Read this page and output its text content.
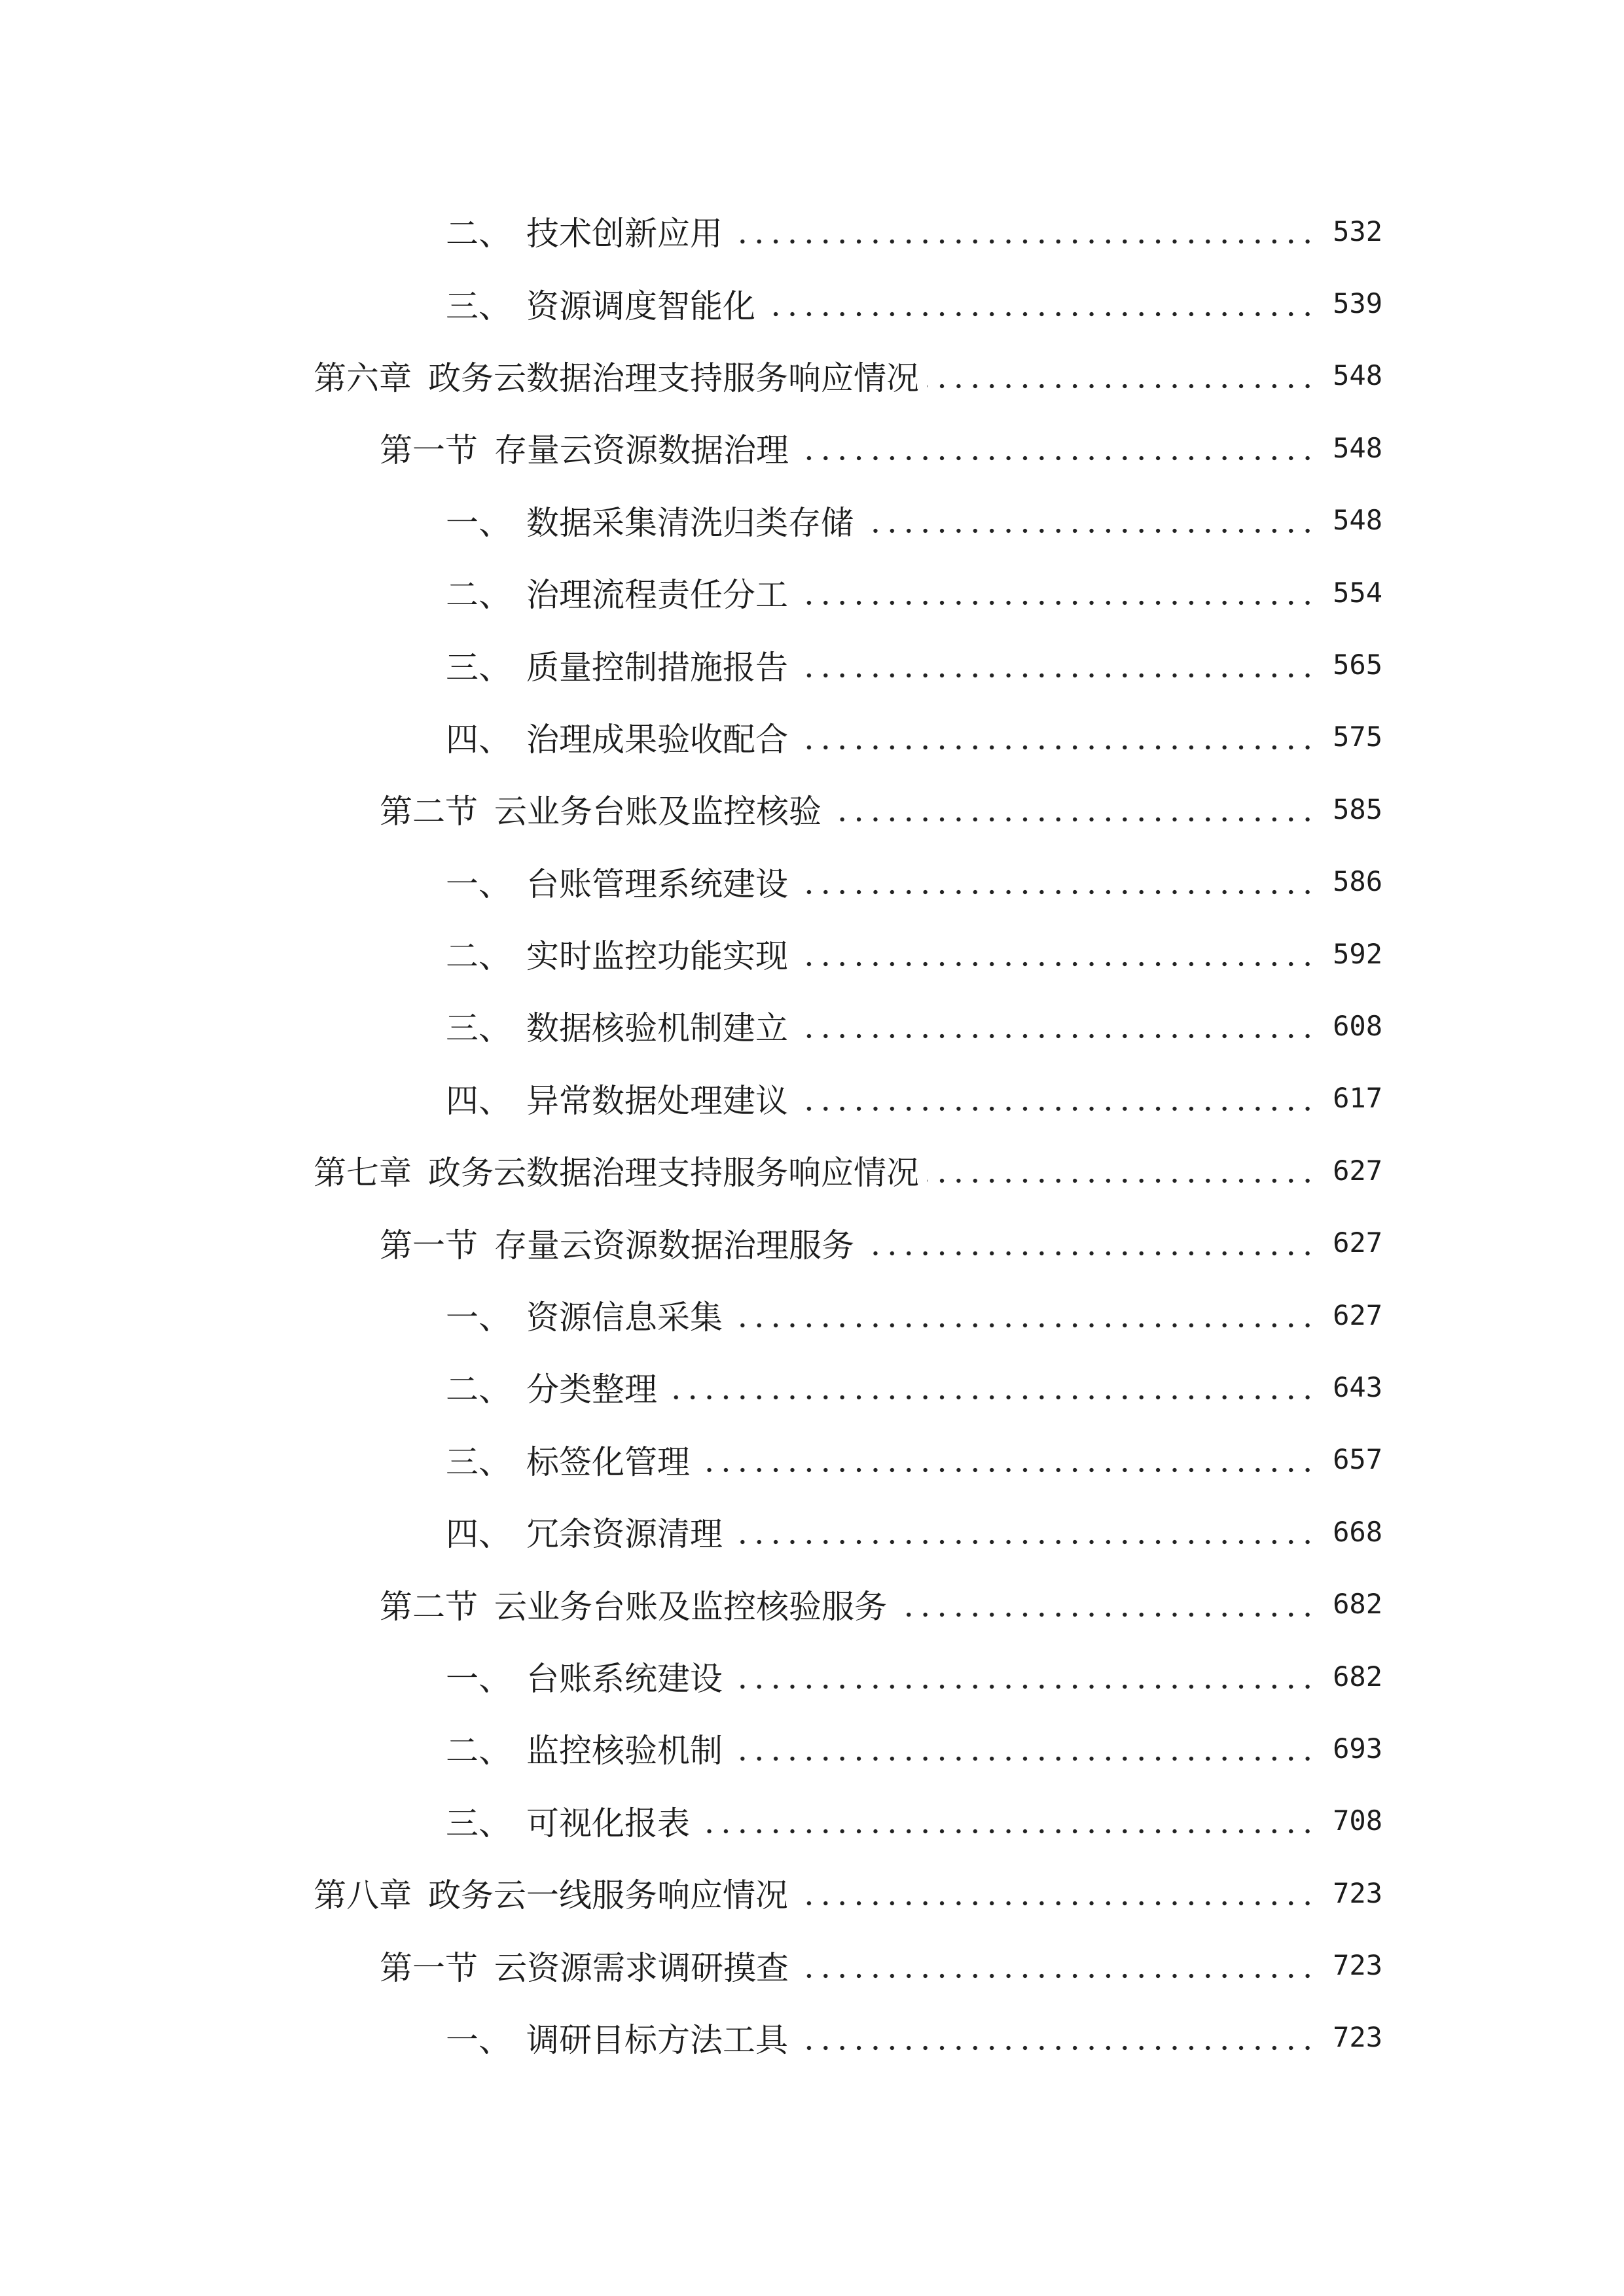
二、 技术创新应用	532
三、 资源调度智能化	539
第六章 政务云数据治理支持服务响应情况	548
第一节 存量云资源数据治理	548
一、 数据采集清洗归类存储	548
二、 治理流程责任分工	554
三、 质量控制措施报告	565
四、 治理成果验收配合	575
第二节 云业务台账及监控核验	585
一、 台账管理系统建设	586
二、 实时监控功能实现	592
三、 数据核验机制建立	608
四、 异常数据处理建议	617
第七章 政务云数据治理支持服务响应情况	627
第一节 存量云资源数据治理服务	627
一、 资源信息采集	627
二、 分类整理	643
三、 标签化管理	657
四、 冗余资源清理	668
第二节 云业务台账及监控核验服务	682
一、 台账系统建设	682
二、 监控核验机制	693
三、 可视化报表	708
第八章 政务云一线服务响应情况	723
第一节 云资源需求调研摸查	723
一、 调研目标方法工具	723
